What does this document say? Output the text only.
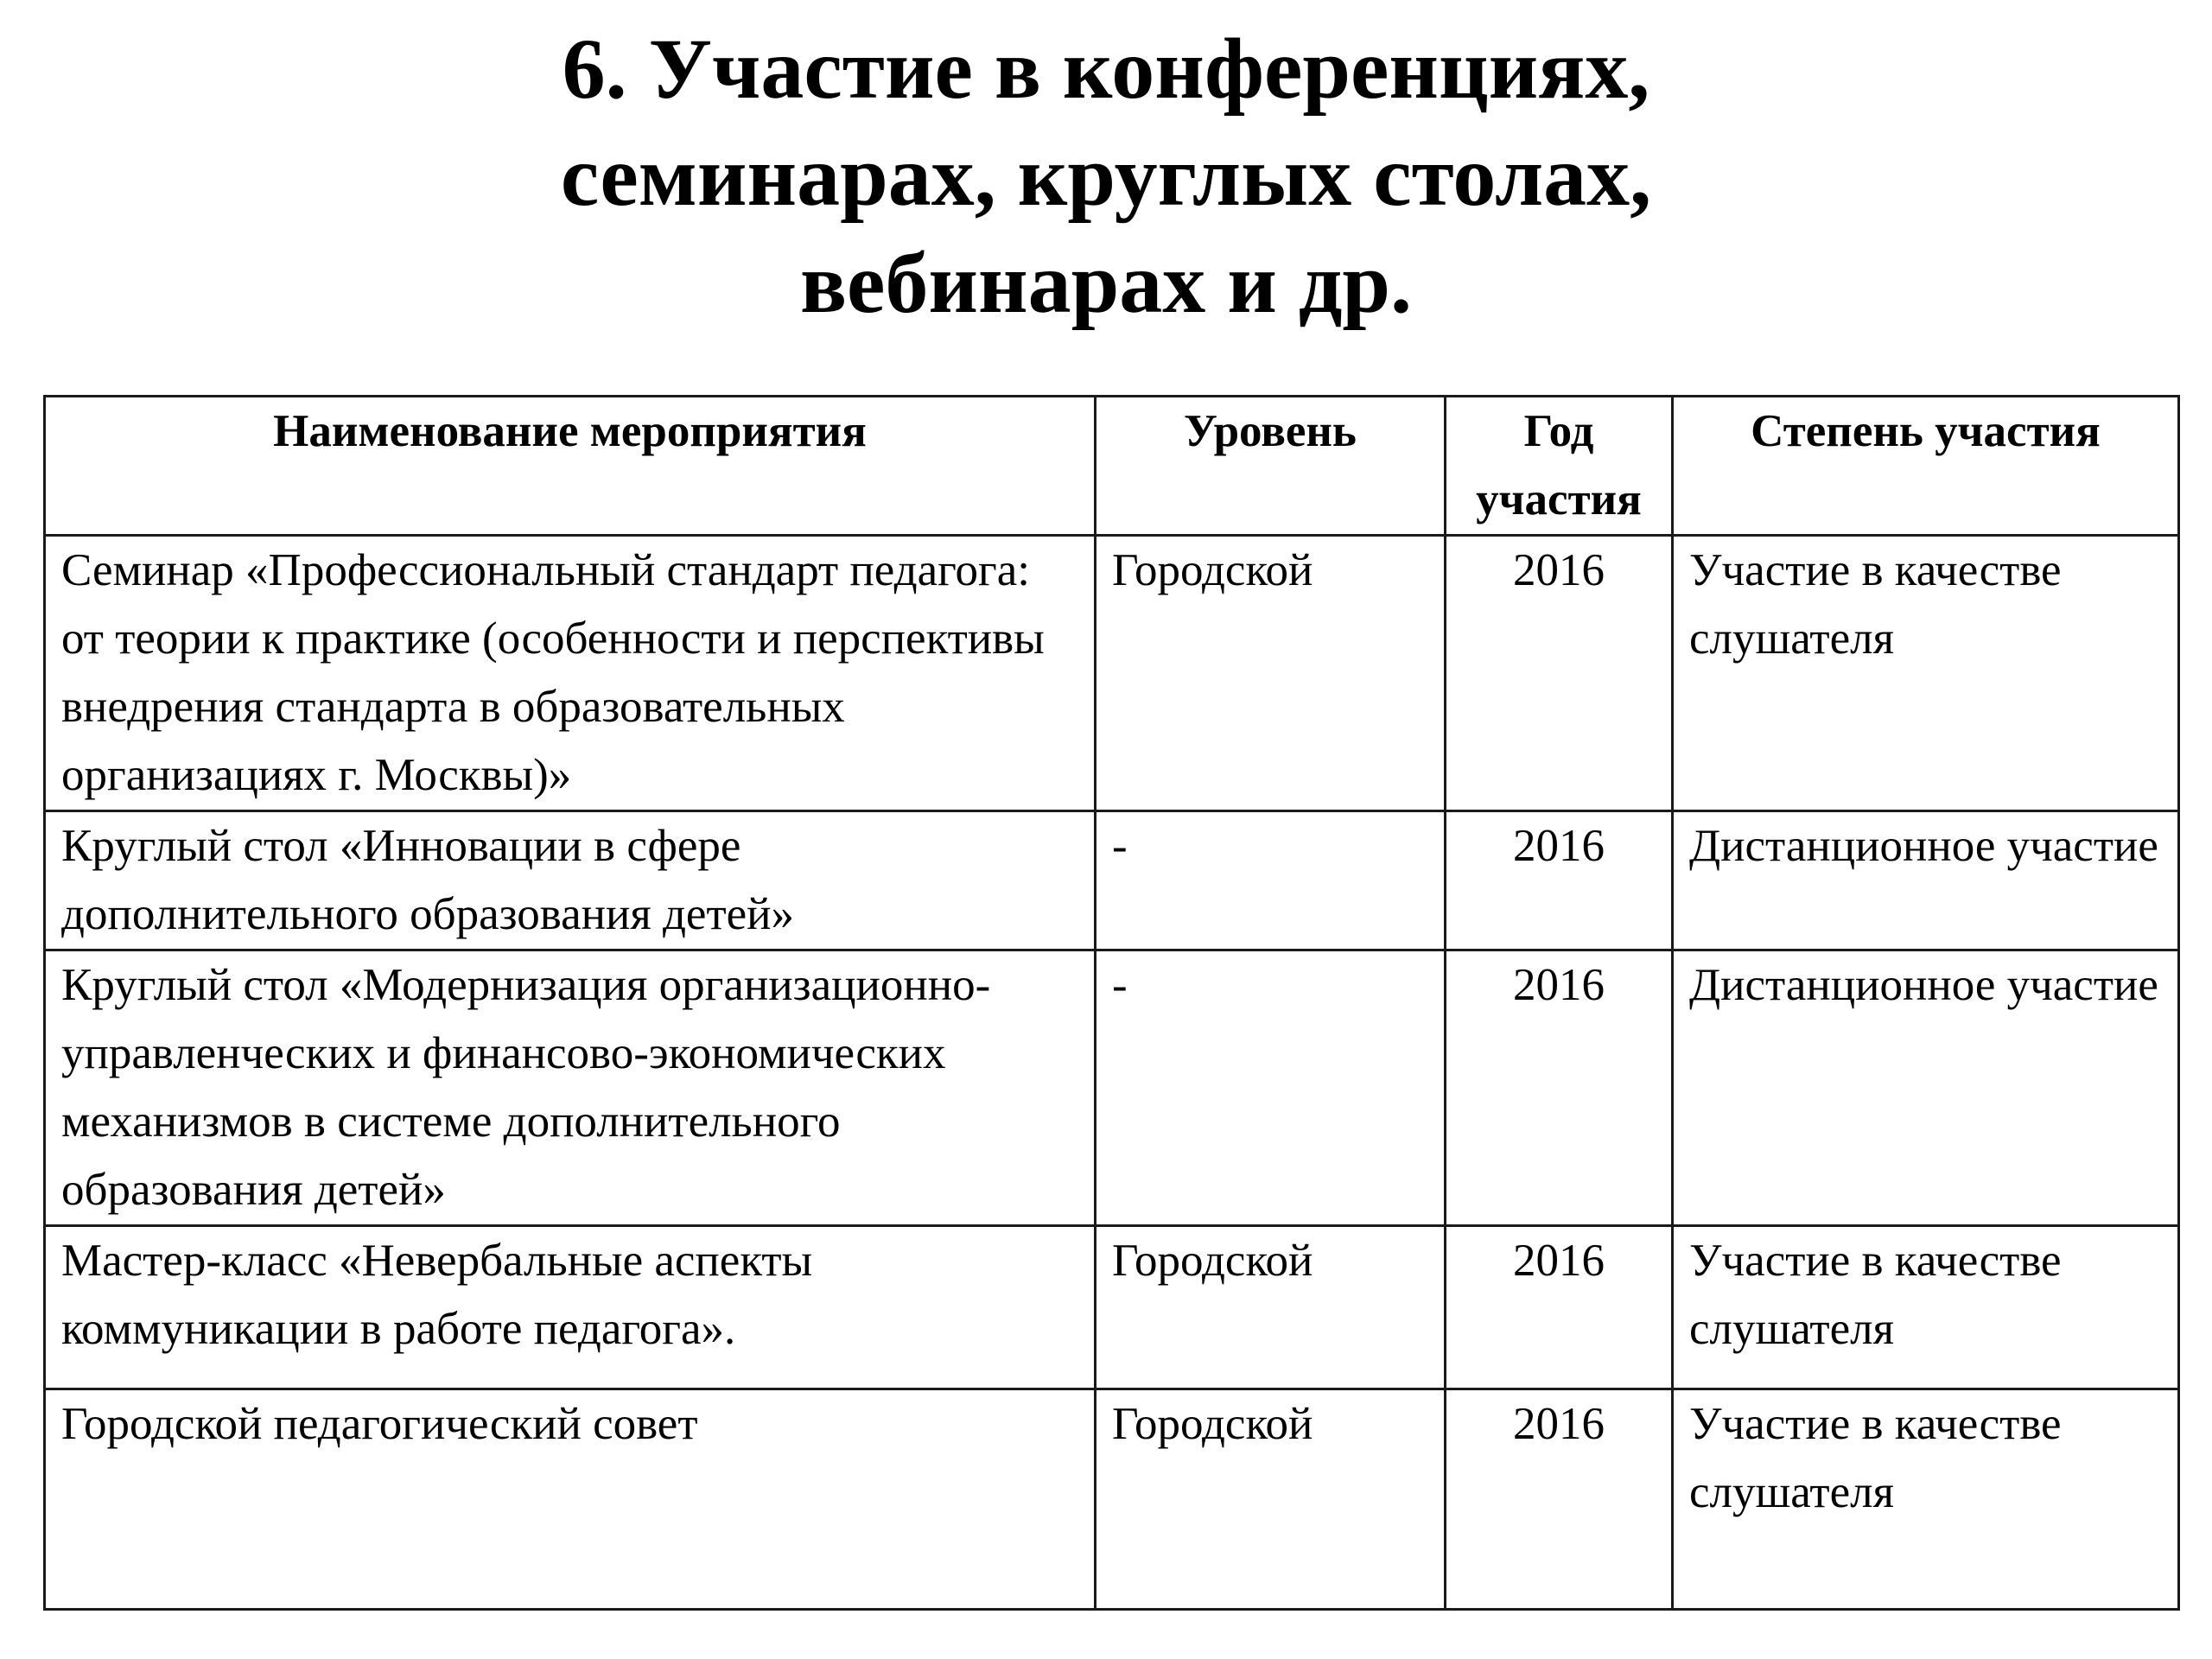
6. Участие в конференциях,
семинарах, круглых столах,
вебинарах и др.
Наименование мероприятия	Уровень	Год участия	Степень участия
Семинар «Профессиональный стандарт педагога: от теории к практике (особенности и перспективы внедрения стандарта в образовательных организациях г. Москвы)»	Городской	2016	Участие в качестве слушателя
Круглый стол «Инновации в сфере дополнительного образования детей»	-	2016	Дистанционное участие
Круглый стол «Модернизация организационно-управленческих и финансово-экономических механизмов в системе дополнительного образования детей»	-	2016	Дистанционное участие
Мастер-класс «Невербальные аспекты коммуникации в работе педагога».	Городской	2016	Участие в качестве слушателя
Городской педагогический совет	Городской	2016	Участие в качестве слушателя
